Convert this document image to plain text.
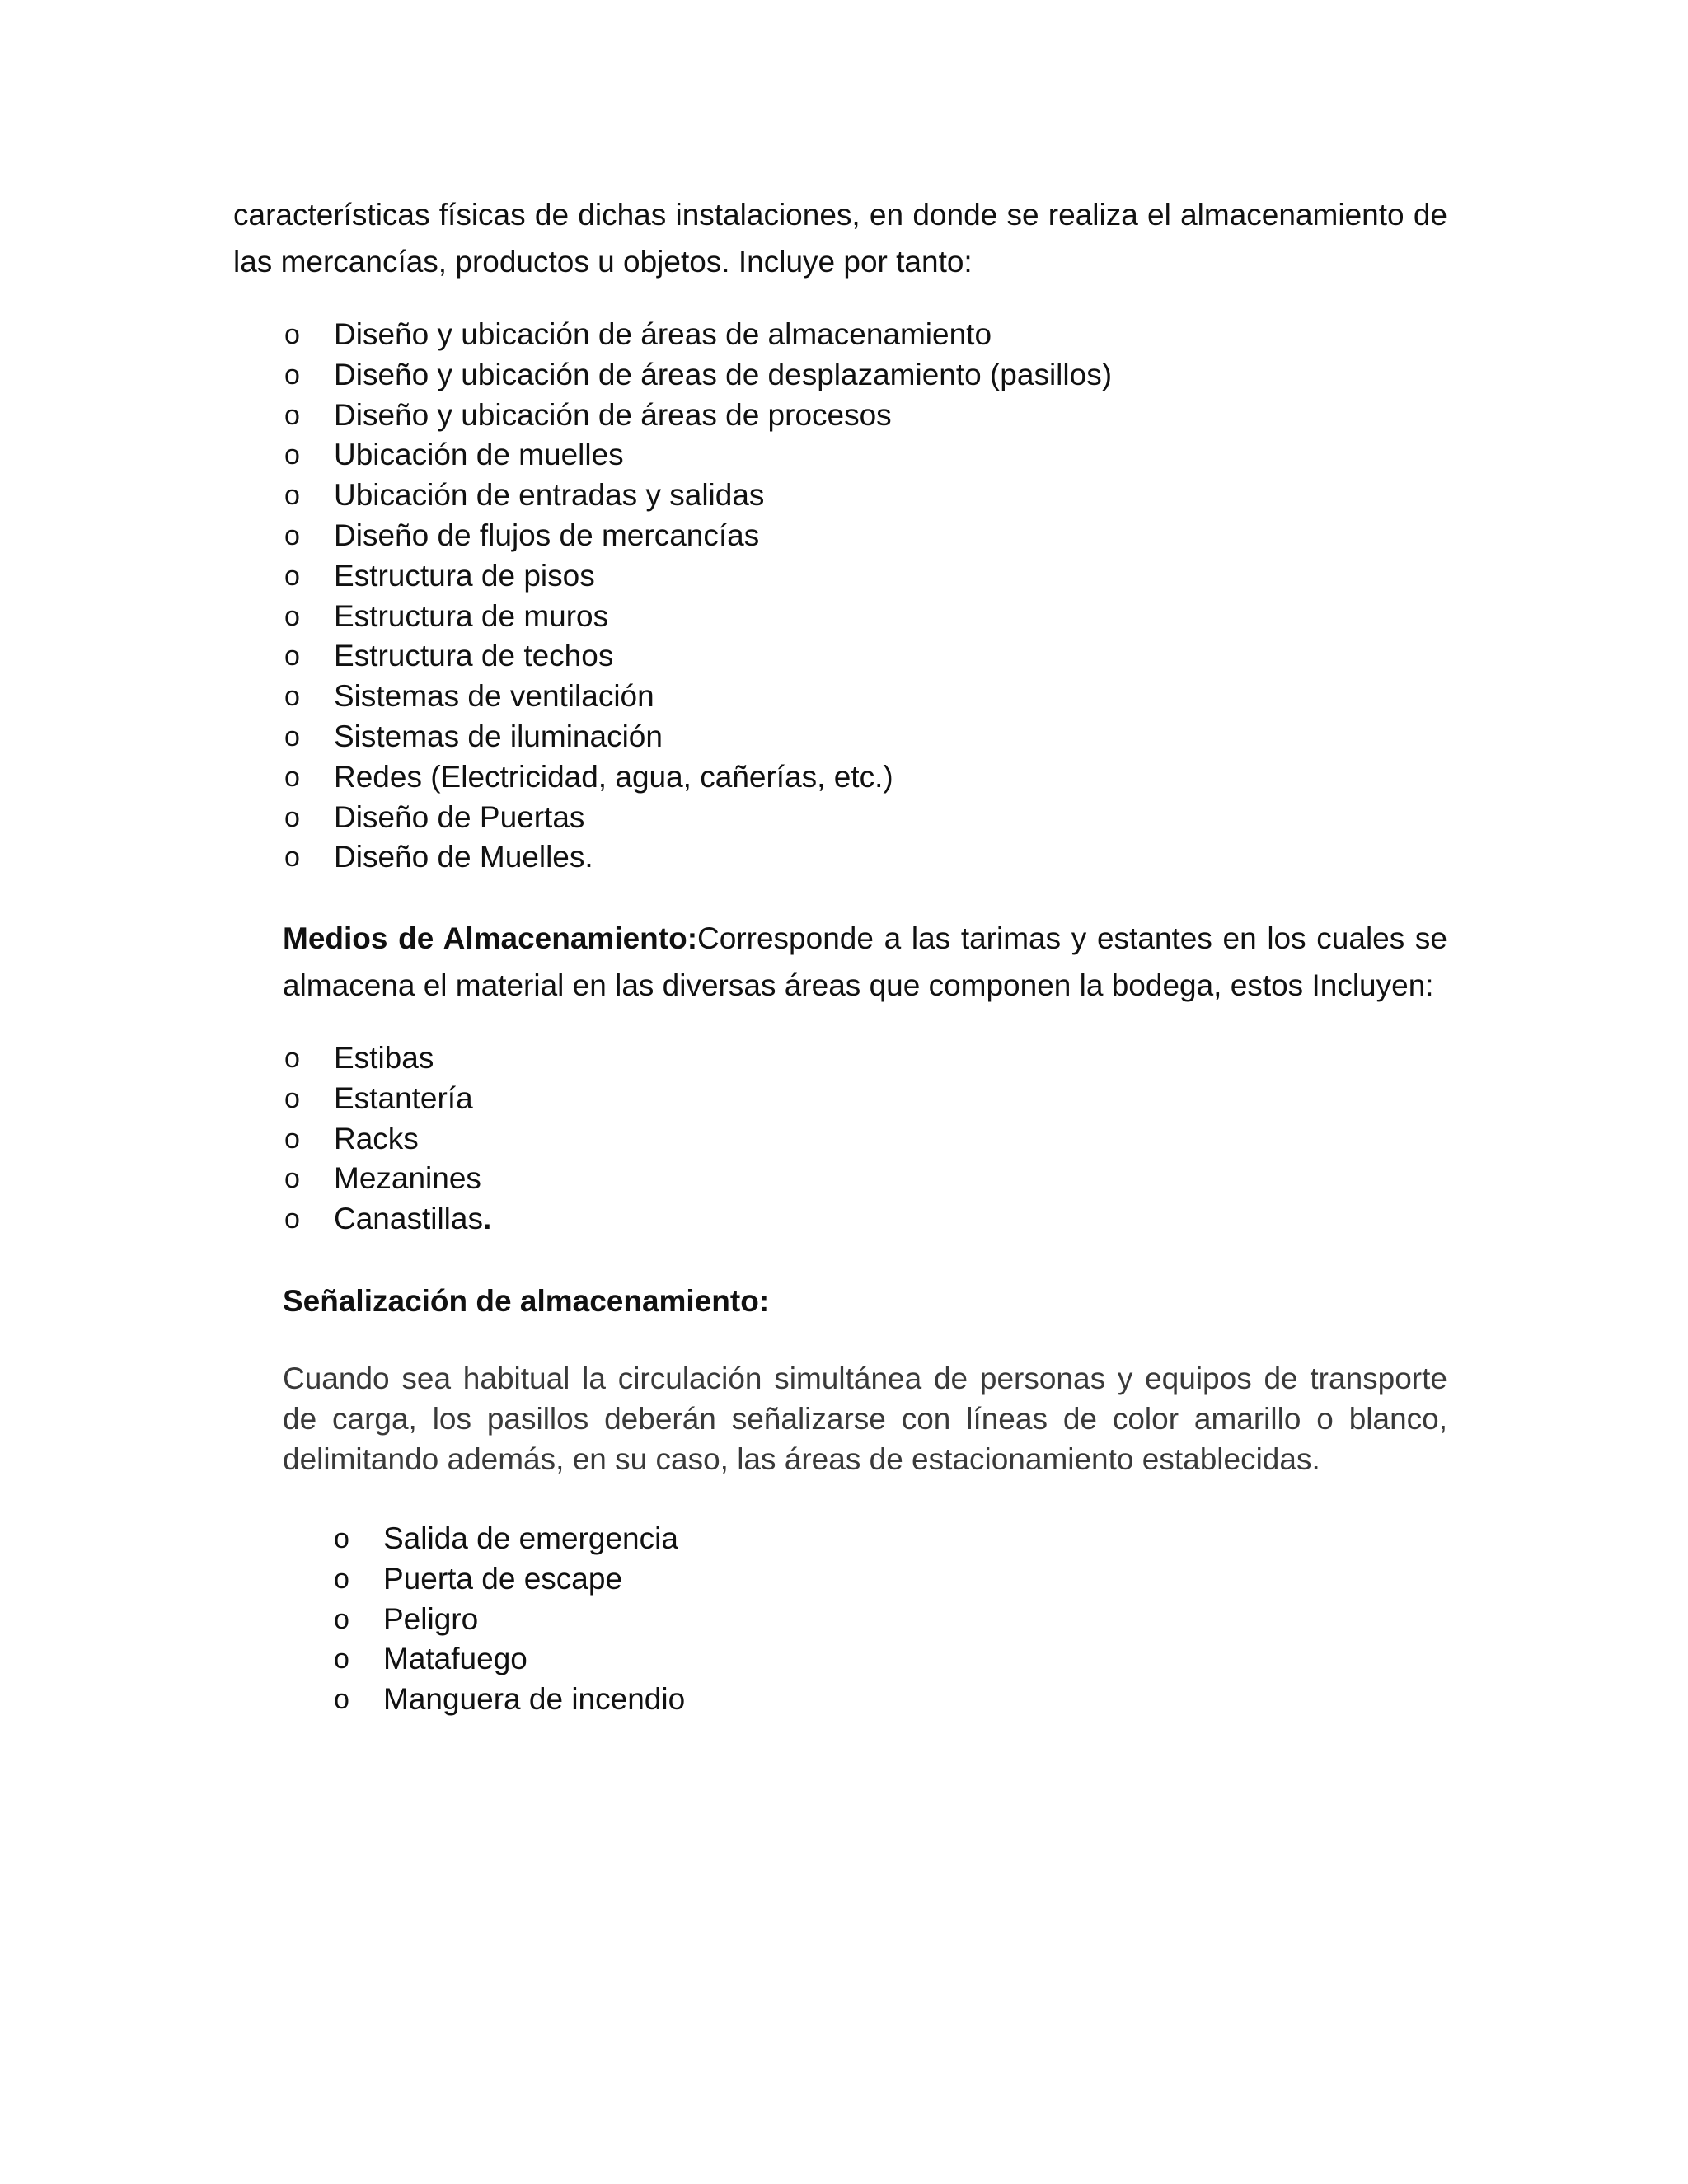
características físicas de dichas instalaciones, en donde se realiza el almacenamiento de las mercancías, productos u objetos. Incluye por tanto:

o Diseño y ubicación de áreas de almacenamiento
o Diseño y ubicación de áreas de desplazamiento (pasillos)
o Diseño y ubicación de áreas de procesos
o Ubicación de muelles
o Ubicación de entradas y salidas
o Diseño de flujos de mercancías
o Estructura de pisos
o Estructura de muros
o Estructura de techos
o Sistemas de ventilación
o Sistemas de iluminación
o Redes (Electricidad, agua, cañerías, etc.)
o Diseño de Puertas
o Diseño de Muelles.

Medios de Almacenamiento:Corresponde a las tarimas y estantes en los cuales se almacena el material en las diversas áreas que componen la bodega, estos Incluyen:

o Estibas
o Estantería
o Racks
o Mezanines
o Canastillas.
Señalización de almacenamiento:

Cuando sea habitual la circulación simultánea de personas y equipos de transporte de carga, los pasillos deberán señalizarse con líneas de color amarillo o blanco, delimitando además, en su caso, las áreas de estacionamiento establecidas.

o Salida de emergencia
o Puerta de escape
o Peligro
o Matafuego
o Manguera de incendio
